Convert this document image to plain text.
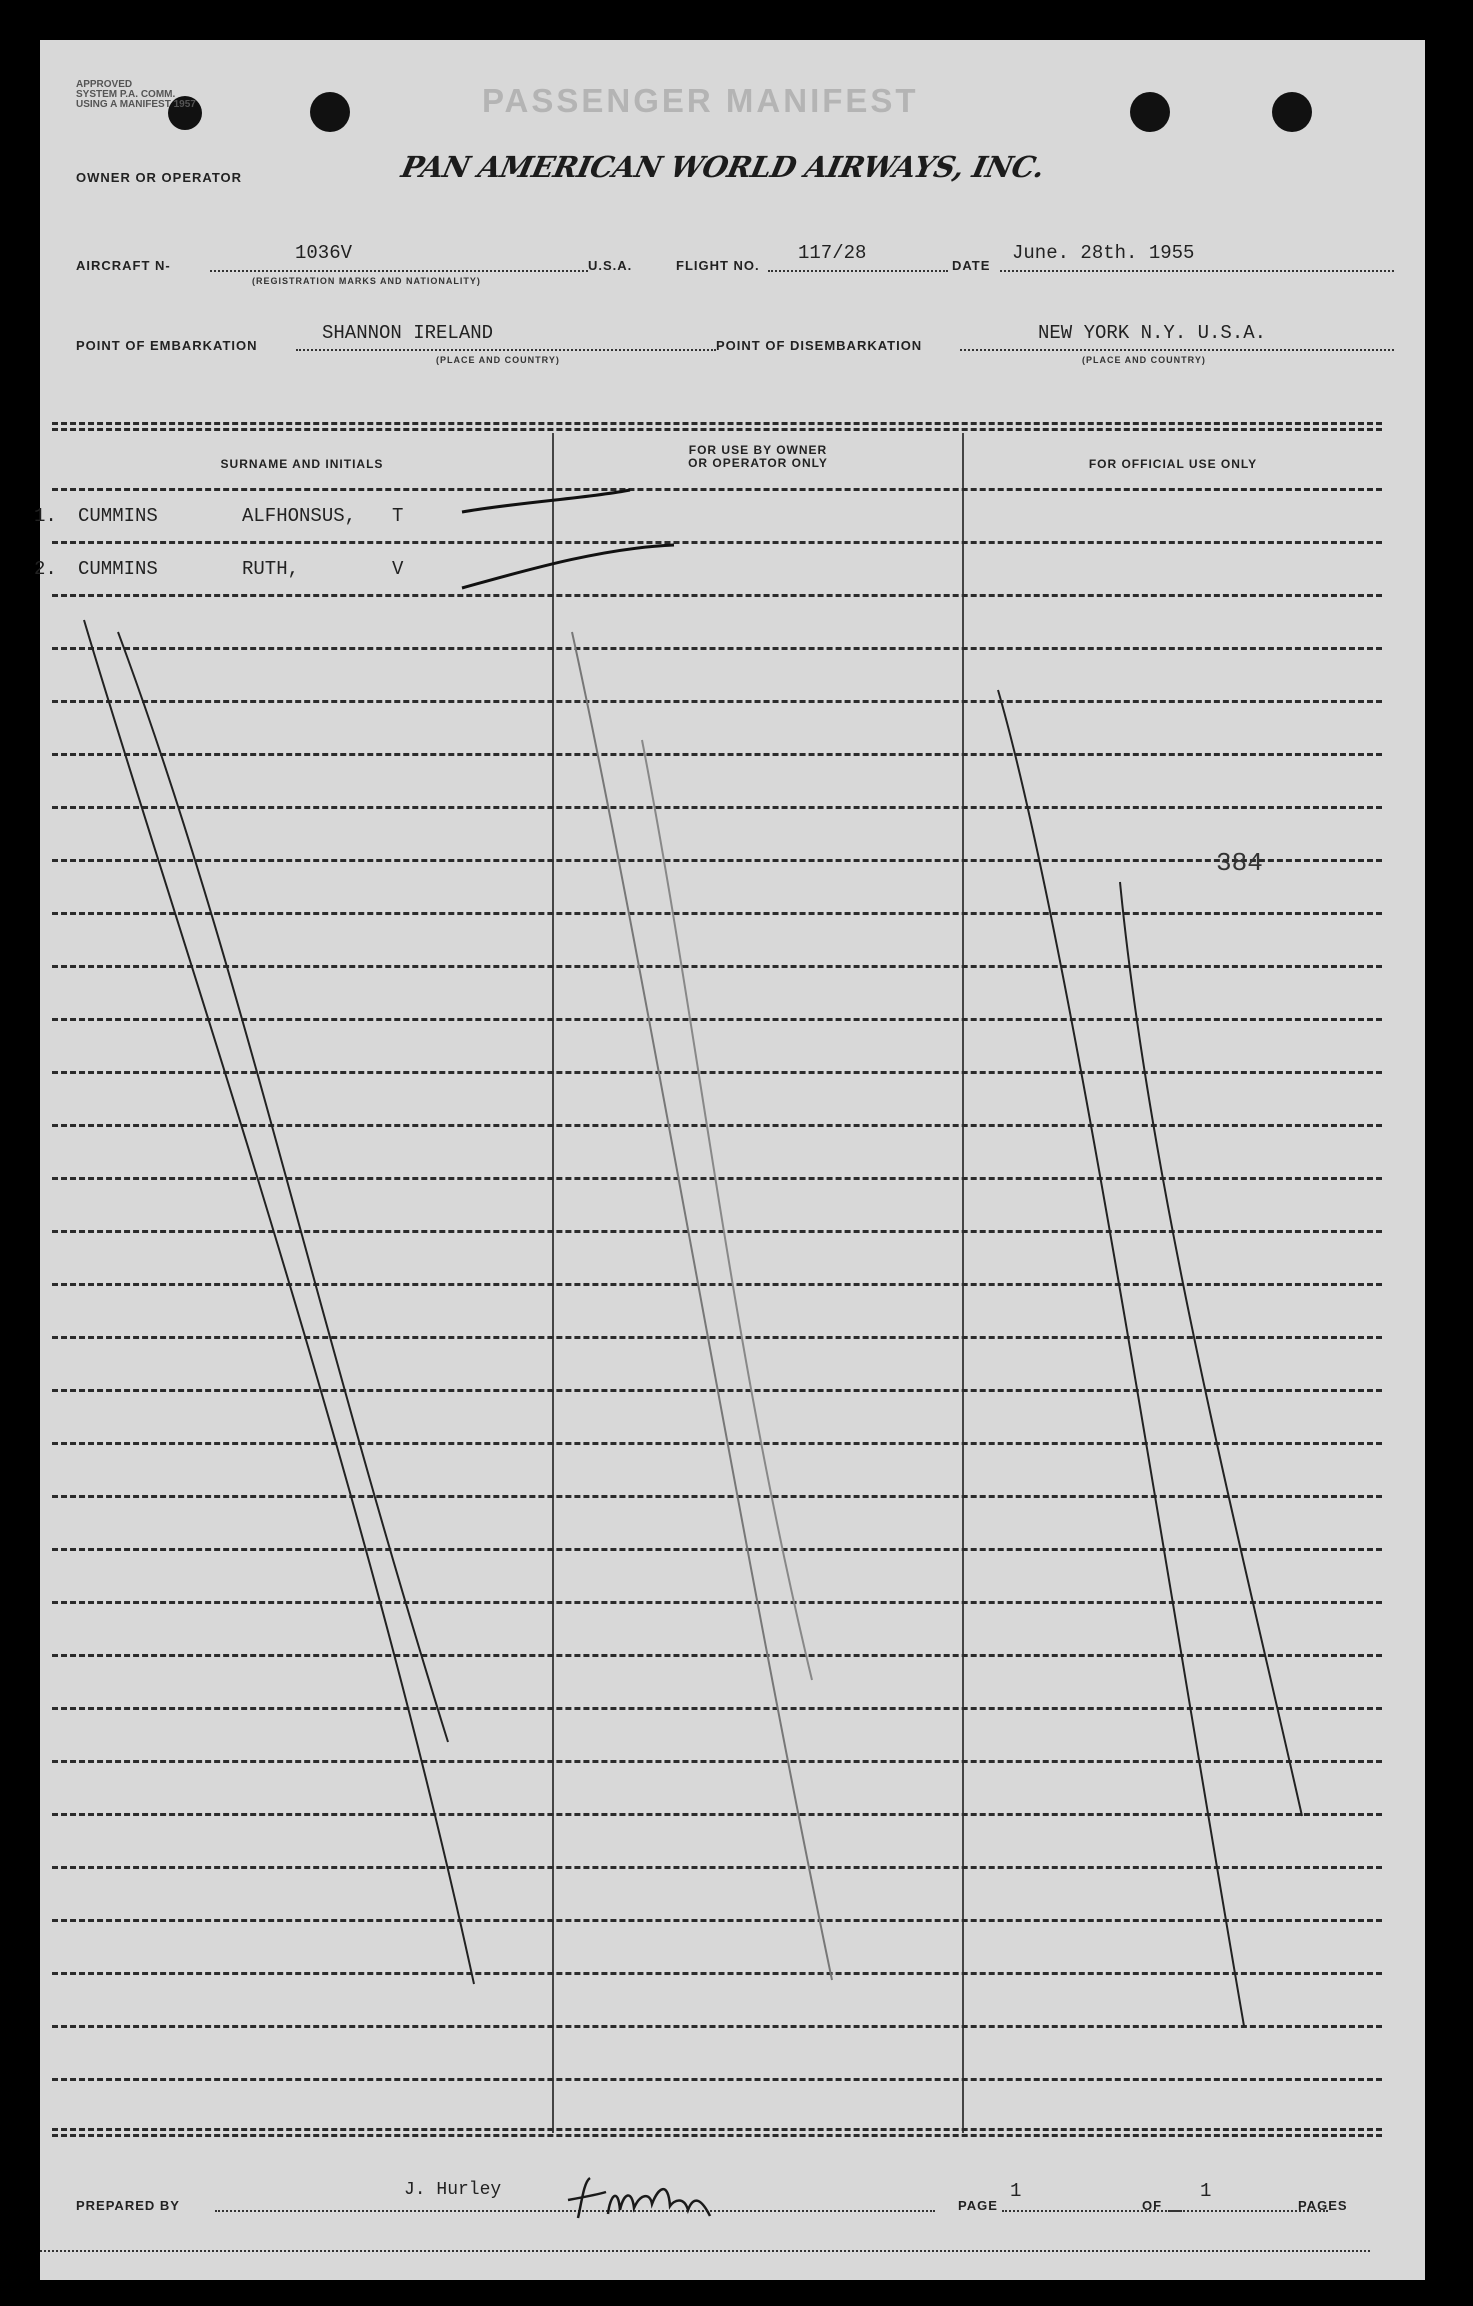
APPROVED
SYSTEM P.A. COMM.
USING A MANIFEST 1957	PASSENGER MANIFEST
OWNER OR OPERATOR	PAN AMERICAN WORLD AIRWAYS, INC.
AIRCRAFT N-
1036V
(REGISTRATION MARKS AND NATIONALITY)
U.S.A.	FLIGHT NO.
117/28
DATE
June. 28th. 1955
POINT OF EMBARKATION
SHANNON IRELAND
(PLACE AND COUNTRY)
POINT OF DISEMBARKATION
NEW YORK N.Y. U.S.A.
(PLACE AND COUNTRY)
SURNAME AND INITIALS
FOR USE BY OWNER
OR OPERATOR ONLY	FOR OFFICIAL USE ONLY
1. CUMMINS	ALFHONSUS, T
2. CUMMINS	RUTH,	V
384
PREPARED BY
J. Hurley
PAGE
1
OF
1
PAGES
